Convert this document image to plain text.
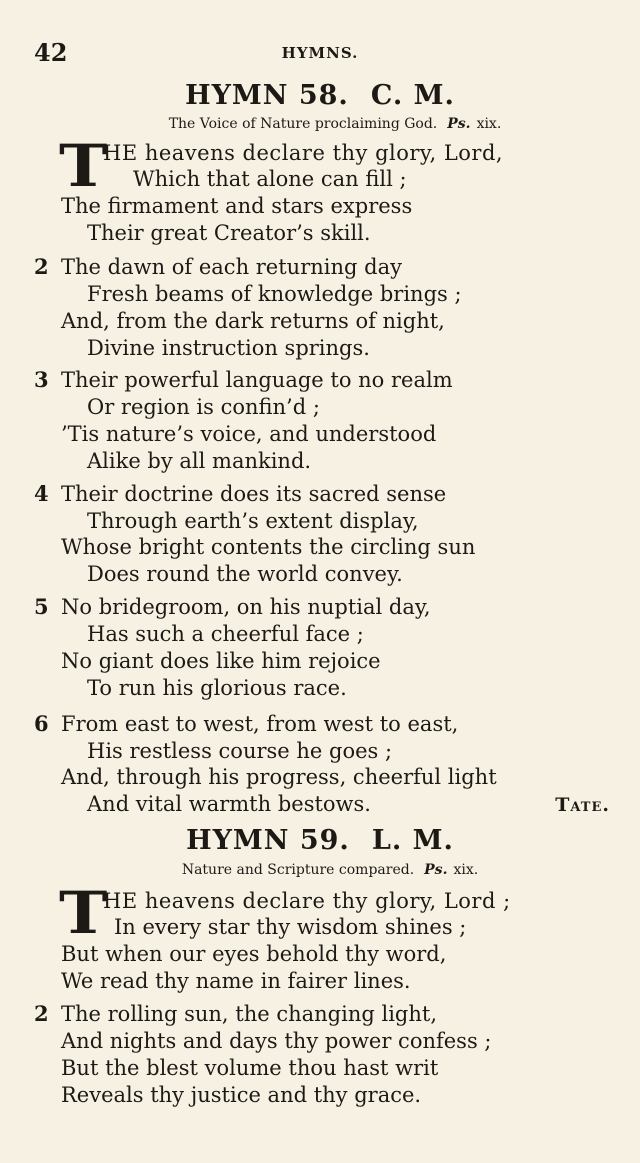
42	HYMNS.
HYMN 58. C. M.
The Voice of Nature proclaiming God. Ps. xix.
T
HE heavens declare thy glory, Lord,
Which that alone can fill ;
The firmament and stars express
Their great Creator’s skill.
2 The dawn of each returning day
Fresh beams of knowledge brings ;
And, from the dark returns of night,
Divine instruction springs.
3 Their powerful language to no realm
Or region is confin’d ;
’Tis nature’s voice, and understood
Alike by all mankind.
4 Their doctrine does its sacred sense
Through earth’s extent display,
Whose bright contents the circling sun
Does round the world convey.
5 No bridegroom, on his nuptial day,
Has such a cheerful face ;
No giant does like him rejoice
To run his glorious race.
6 From east to west, from west to east,
His restless course he goes ;
And, through his progress, cheerful light
And vital warmth bestows.	Tate.
HYMN 59. L. M.
Nature and Scripture compared. Ps. xix.
T
HE heavens declare thy glory, Lord ;
In every star thy wisdom shines ;
But when our eyes behold thy word,
We read thy name in fairer lines.
2 The rolling sun, the changing light,
And nights and days thy power confess ;
But the blest volume thou hast writ
Reveals thy justice and thy grace.
